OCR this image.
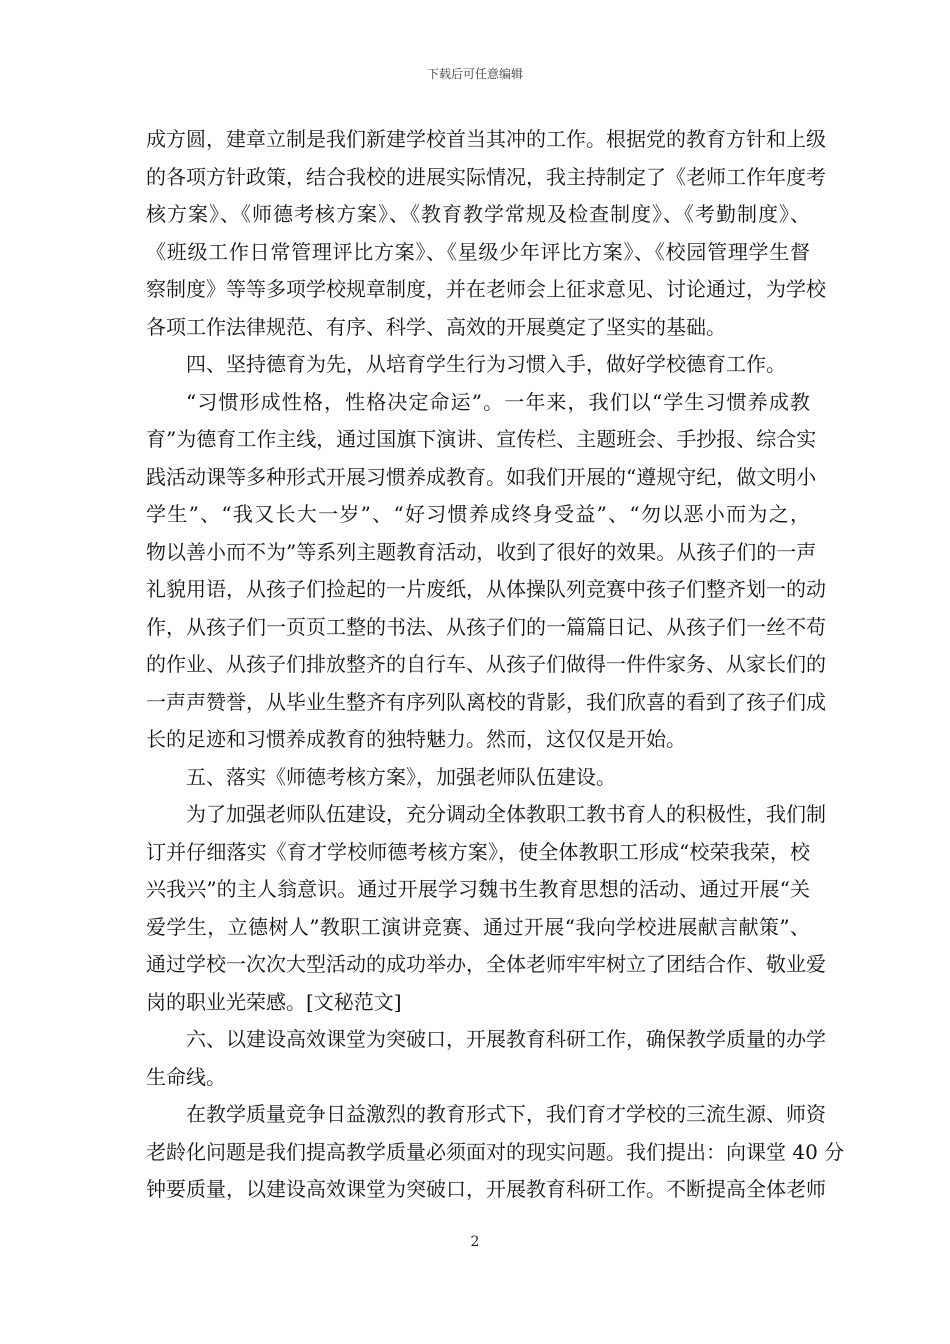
下载后可任意编辑
成方圆，建章立制是我们新建学校首当其冲的工作。根据党的教育方针和上级
的各项方针政策，结合我校的进展实际情况，我主持制定了《老师工作年度考
核方案》、《师德考核方案》、《教育教学常规及检查制度》、《考勤制度》、
《班级工作日常管理评比方案》、《星级少年评比方案》、《校园管理学生督
察制度》等等多项学校规章制度，并在老师会上征求意见、讨论通过，为学校
各项工作法律规范、有序、科学、高效的开展奠定了坚实的基础。
四、坚持德育为先，从培育学生行为习惯入手，做好学校德育工作。
“习惯形成性格，性格决定命运”。一年来，我们以“学生习惯养成教
育”为德育工作主线，通过国旗下演讲、宣传栏、主题班会、手抄报、综合实
践活动课等多种形式开展习惯养成教育。如我们开展的“遵规守纪，做文明小
学生”、“我又长大一岁”、“好习惯养成终身受益”、“勿以恶小而为之，
物以善小而不为”等系列主题教育活动，收到了很好的效果。从孩子们的一声
礼貌用语，从孩子们捡起的一片废纸，从体操队列竞赛中孩子们整齐划一的动
作，从孩子们一页页工整的书法、从孩子们的一篇篇日记、从孩子们一丝不苟
的作业、从孩子们排放整齐的自行车、从孩子们做得一件件家务、从家长们的
一声声赞誉，从毕业生整齐有序列队离校的背影，我们欣喜的看到了孩子们成
长的足迹和习惯养成教育的独特魅力。然而，这仅仅是开始。
五、落实《师德考核方案》，加强老师队伍建设。
为了加强老师队伍建设，充分调动全体教职工教书育人的积极性，我们制
订并仔细落实《育才学校师德考核方案》，使全体教职工形成“校荣我荣，校
兴我兴”的主人翁意识。通过开展学习魏书生教育思想的活动、通过开展“关
爱学生，立德树人”教职工演讲竞赛、通过开展“我向学校进展献言献策”、
通过学校一次次大型活动的成功举办，全体老师牢牢树立了团结合作、敬业爱
岗的职业光荣感。[文秘范文]
六、以建设高效课堂为突破口，开展教育科研工作，确保教学质量的办学
生命线。
在教学质量竞争日益激烈的教育形式下，我们育才学校的三流生源、师资
老龄化问题是我们提高教学质量必须面对的现实问题。我们提出：向课堂 40 分
钟要质量，以建设高效课堂为突破口，开展教育科研工作。不断提高全体老师
2
